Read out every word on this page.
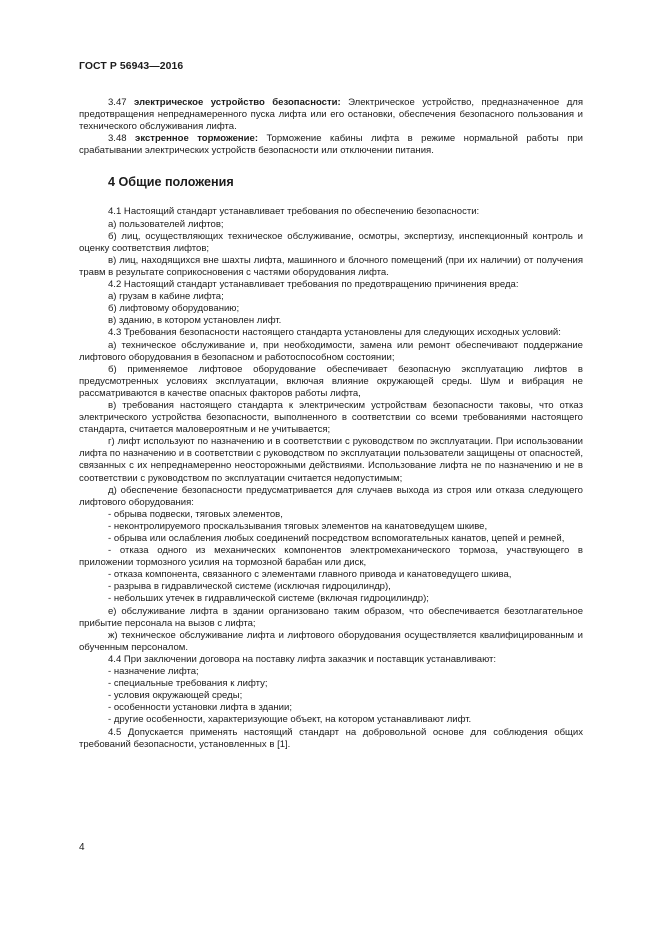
ГОСТ Р 56943—2016

3.47 электрическое устройство безопасности: Электрическое устройство, предназначенное для предотвращения непреднамеренного пуска лифта или его остановки, обеспечения безопасного пользования и технического обслуживания лифта.

3.48 экстренное торможение: Торможение кабины лифта в режиме нормальной работы при срабатывании электрических устройств безопасности или отключении питания.

4 Общие положения

4.1 Настоящий стандарт устанавливает требования по обеспечению безопасности:

а) пользователей лифтов;

б) лиц, осуществляющих техническое обслуживание, осмотры, экспертизу, инспекционный контроль и оценку соответствия лифтов;

в) лиц, находящихся вне шахты лифта, машинного и блочного помещений (при их наличии) от получения травм в результате соприкосновения с частями оборудования лифта.

4.2 Настоящий стандарт устанавливает требования по предотвращению причинения вреда:

а) грузам в кабине лифта;

б) лифтовому оборудованию;

в) зданию, в котором установлен лифт.

4.3 Требования безопасности настоящего стандарта установлены для следующих исходных условий:

а) техническое обслуживание и, при необходимости, замена или ремонт обеспечивают поддержание лифтового оборудования в безопасном и работоспособном состоянии;

б) применяемое лифтовое оборудование обеспечивает безопасную эксплуатацию лифтов в предусмотренных условиях эксплуатации, включая влияние окружающей среды. Шум и вибрация не рассматриваются в качестве опасных факторов работы лифта,

в) требования настоящего стандарта к электрическим устройствам безопасности таковы, что отказ электрического устройства безопасности, выполненного в соответствии со всеми требованиями настоящего стандарта, считается маловероятным и не учитывается;

г) лифт используют по назначению и в соответствии с руководством по эксплуатации. При использовании лифта по назначению и в соответствии с руководством по эксплуатации пользователи защищены от опасностей, связанных с их непреднамеренно неосторожными действиями. Использование лифта не по назначению и не в соответствии с руководством по эксплуатации считается недопустимым;

д) обеспечение безопасности предусматривается для случаев выхода из строя или отказа следующего лифтового оборудования:

- обрыва подвески, тяговых элементов,

- неконтролируемого проскальзывания тяговых элементов на канатоведущем шкиве,

- обрыва или ослабления любых соединений посредством вспомогательных канатов, цепей и ремней,

- отказа одного из механических компонентов электромеханического тормоза, участвующего в приложении тормозного усилия на тормозной барабан или диск,

- отказа компонента, связанного с элементами главного привода и канатоведущего шкива,

- разрыва в гидравлической системе (исключая гидроцилиндр),

- небольших утечек в гидравлической системе (включая гидроцилиндр);

е) обслуживание лифта в здании организовано таким образом, что обеспечивается безотлагательное прибытие персонала на вызов с лифта;

ж) техническое обслуживание лифта и лифтового оборудования осуществляется квалифицированным и обученным персоналом.

4.4 При заключении договора на поставку лифта заказчик и поставщик устанавливают:

- назначение лифта;

- специальные требования к лифту;

- условия окружающей среды;

- особенности установки лифта в здании;

- другие особенности, характеризующие объект, на котором устанавливают лифт.

4.5 Допускается применять настоящий стандарт на добровольной основе для соблюдения общих требований безопасности, установленных в [1].

4
